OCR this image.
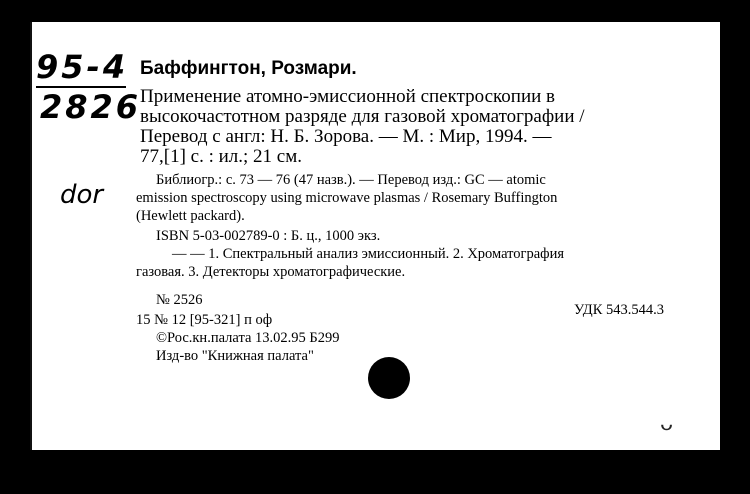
95-4
2826
dor
Баффингтон, Розмари.
Применение атомно-эмиссионной спектроскопии в
высокочастотном разряде для газовой хроматографии /
Перевод с англ: Н. Б. Зорова. — М. : Мир, 1994. —
77,[1] с. : ил.; 21 см.
Библиогр.: с. 73 — 76 (47 назв.). — Перевод изд.: GC — atomic
emission spectroscopy using microwave plasmas / Rosemary Buffington
(Hewlett packard).
ISBN 5-03-002789-0 : Б. ц., 1000 экз.
— — 1. Спектральный анализ эмиссионный. 2. Хроматография
газовая. 3. Детекторы хроматографические.
№ 2526
УДК 543.544.3
15 № 12 [95-321] п оф
©Рос.кн.палата 13.02.95 Б299
Изд-во "Книжная палата"
ᵕ
